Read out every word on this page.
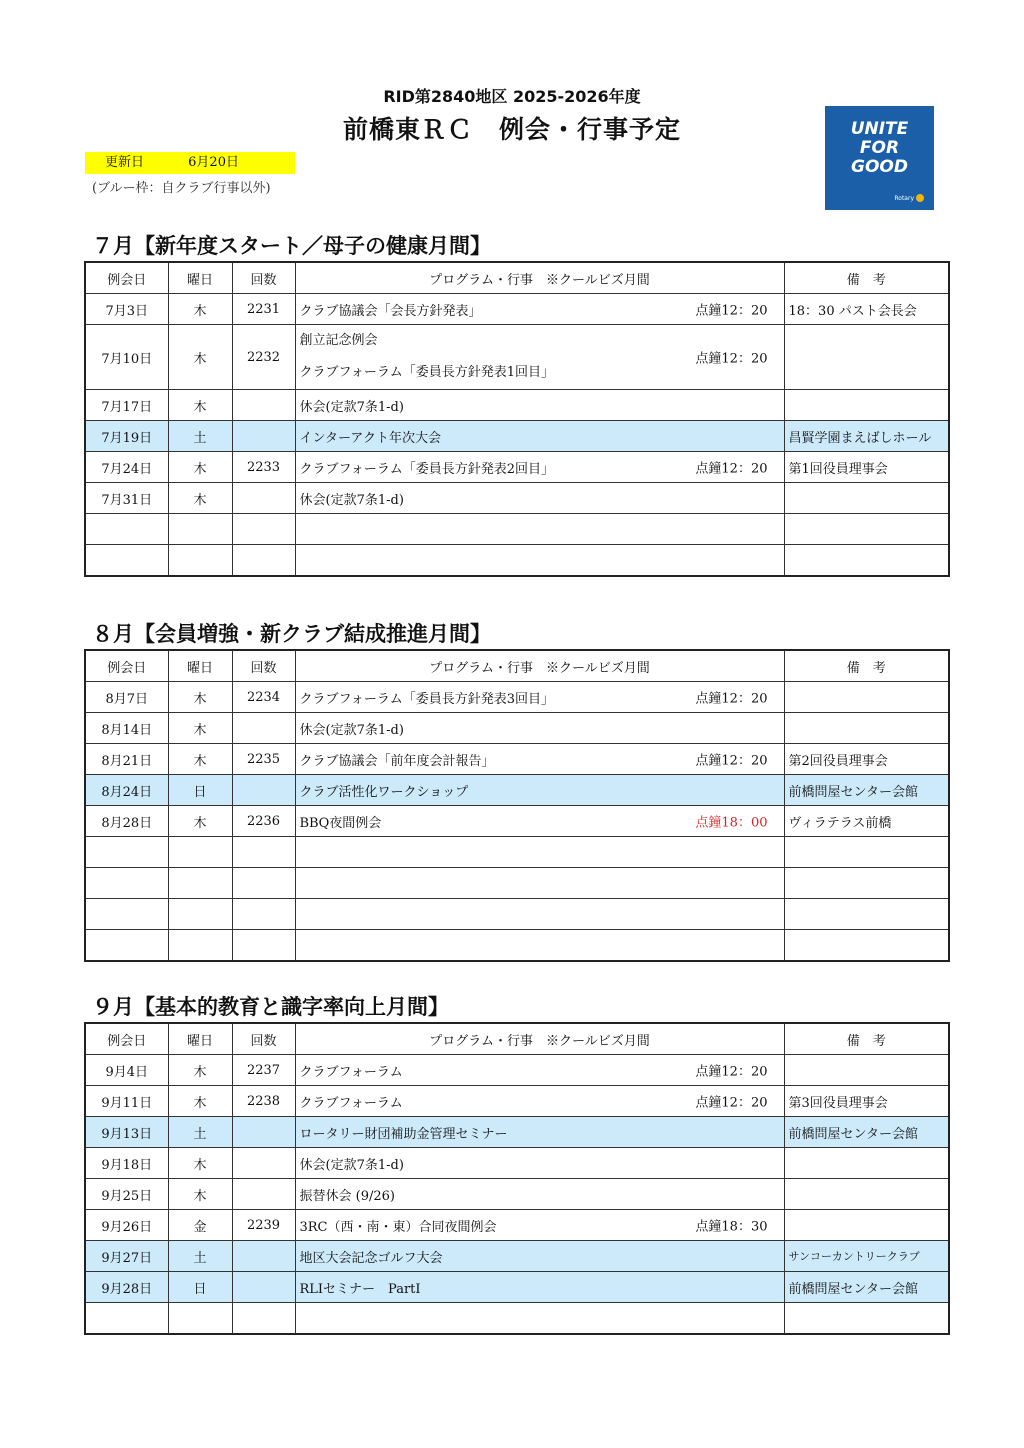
RID第2840地区 2025-2026年度
前橋東ＲＣ　例会・行事予定
更新日	6月20日
(ブルー枠：自クラブ行事以外)
UNITE
FOR
GOOD
Rotary
７月【新年度スタート／母子の健康月間】
例会日	曜日	回数	プログラム・行事　※クールビズ月間	備　考
7月3日	木	2231	クラブ協議会「会長方針発表」 点鐘12：20	18：30 パスト会長会
7月10日	木	2232	創立記念例会
クラブフォーラム「委員長方針発表1回目」
点鐘12：20	

7月17日	木		休会(定款7条1-d)	
7月19日	土		インターアクト年次大会	昌賢学園まえばしホール
7月24日	木	2233	クラブフォーラム「委員長方針発表2回目」 点鐘12：20	第1回役員理事会
7月31日	木		休会(定款7条1-d)	

８月【会員増強・新クラブ結成推進月間】
例会日	曜日	回数	プログラム・行事　※クールビズ月間	備　考
8月7日	木	2234	クラブフォーラム「委員長方針発表3回目」 点鐘12：20	

8月14日	木		休会(定款7条1-d)	
8月21日	木	2235	クラブ協議会「前年度会計報告」 点鐘12：20	第2回役員理事会
8月24日	日		クラブ活性化ワークショップ	前橋問屋センター会館
8月28日	木	2236	BBQ夜間例会 点鐘18：00	ヴィラテラス前橋

９月【基本的教育と識字率向上月間】
例会日	曜日	回数	プログラム・行事　※クールビズ月間	備　考
9月4日	木	2237	クラブフォーラム 点鐘12：20	

9月11日	木	2238	クラブフォーラム 点鐘12：20	第3回役員理事会
9月13日	土		ロータリー財団補助金管理セミナー	前橋問屋センター会館
9月18日	木		休会(定款7条1-d)	
9月25日	木		振替休会 (9/26)	
9月26日	金	2239	3RC（西・南・東）合同夜間例会 点鐘18：30	

9月27日	土		地区大会記念ゴルフ大会	サンコーカントリークラブ
9月28日	日		RLIセミナー　PartⅠ	前橋問屋センター会館
